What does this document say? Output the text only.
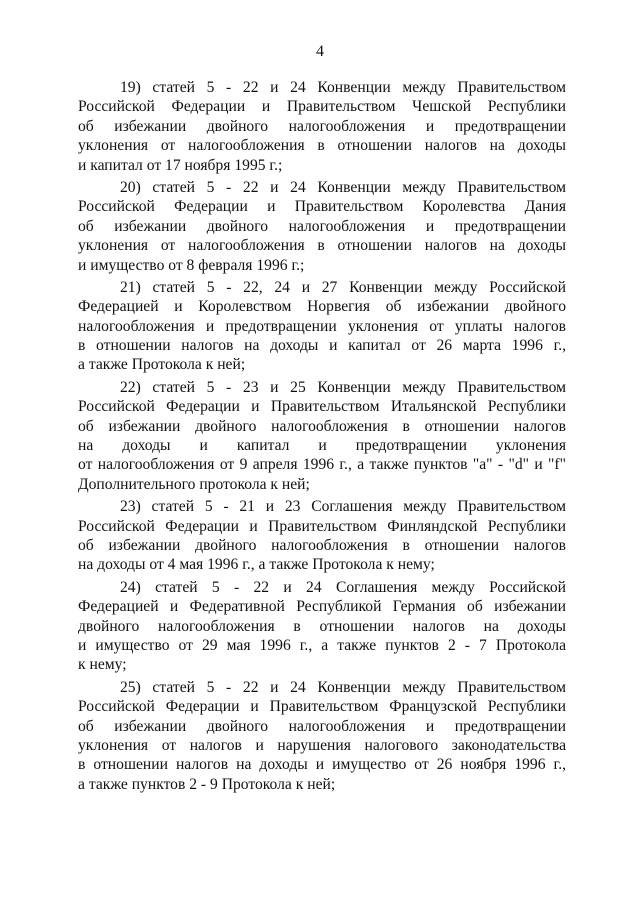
4
19) статей 5 - 22 и 24 Конвенции между Правительством
Российской Федерации и Правительством Чешской Республики
об избежании двойного налогообложения и предотвращении
уклонения от налогообложения в отношении налогов на доходы
и капитал от 17 ноября 1995 г.;
20) статей 5 - 22 и 24 Конвенции между Правительством
Российской Федерации и Правительством Королевства Дания
об избежании двойного налогообложения и предотвращении
уклонения от налогообложения в отношении налогов на доходы
и имущество от 8 февраля 1996 г.;
21) статей 5 - 22, 24 и 27 Конвенции между Российской
Федерацией и Королевством Норвегия об избежании двойного
налогообложения и предотвращении уклонения от уплаты налогов
в отношении налогов на доходы и капитал от 26 марта 1996 г.,
а также Протокола к ней;
22) статей 5 - 23 и 25 Конвенции между Правительством
Российской Федерации и Правительством Итальянской Республики
об избежании двойного налогообложения в отношении налогов
на доходы и капитал и предотвращении уклонения
от налогообложения от 9 апреля 1996 г., а также пунктов "а" - "d" и "f"
Дополнительного протокола к ней;
23) статей 5 - 21 и 23 Соглашения между Правительством
Российской Федерации и Правительством Финляндской Республики
об избежании двойного налогообложения в отношении налогов
на доходы от 4 мая 1996 г., а также Протокола к нему;
24) статей 5 - 22 и 24 Соглашения между Российской
Федерацией и Федеративной Республикой Германия об избежании
двойного налогообложения в отношении налогов на доходы
и имущество от 29 мая 1996 г., а также пунктов 2 - 7 Протокола
к нему;
25) статей 5 - 22 и 24 Конвенции между Правительством
Российской Федерации и Правительством Французской Республики
об избежании двойного налогообложения и предотвращении
уклонения от налогов и нарушения налогового законодательства
в отношении налогов на доходы и имущество от 26 ноября 1996 г.,
а также пунктов 2 - 9 Протокола к ней;
